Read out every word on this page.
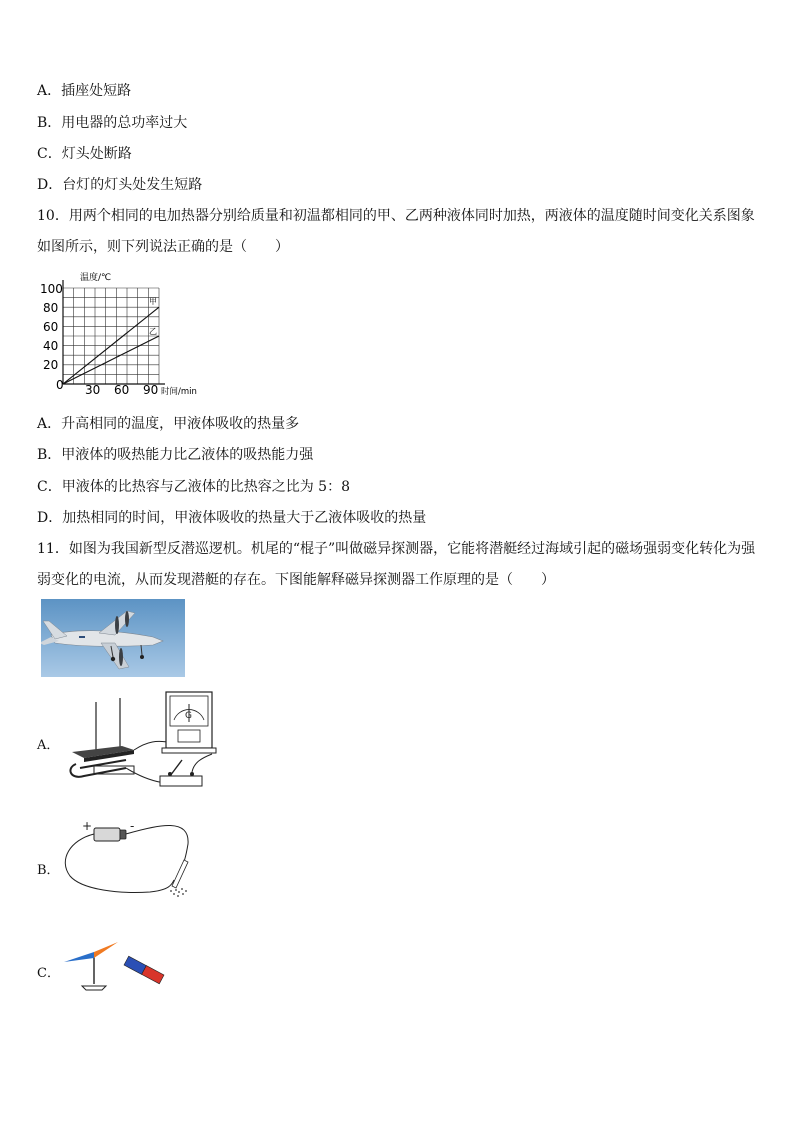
A．插座处短路
B．用电器的总功率过大
C．灯头处断路
D．台灯的灯头处发生短路
10．用两个相同的电加热器分别给质量和初温都相同的甲、乙两种液体同时加热，两液体的温度随时间变化关系图象
如图所示，则下列说法正确的是（　　）
温度/℃
时间/min
0
100
80
60
40
20
30 60 90
甲
乙
A．升高相同的温度，甲液体吸收的热量多
B．甲液体的吸热能力比乙液体的吸热能力强
C．甲液体的比热容与乙液体的比热容之比为 5：8
D．加热相同的时间，甲液体吸收的热量大于乙液体吸收的热量
11．如图为我国新型反潜巡逻机。机尾的“棍子”叫做磁异探测器，它能将潜艇经过海域引起的磁场强弱变化转化为强
弱变化的电流，从而发现潜艇的存在。下图能解释磁异探测器工作原理的是（　　）
A．
G
B．
+	-
C．
